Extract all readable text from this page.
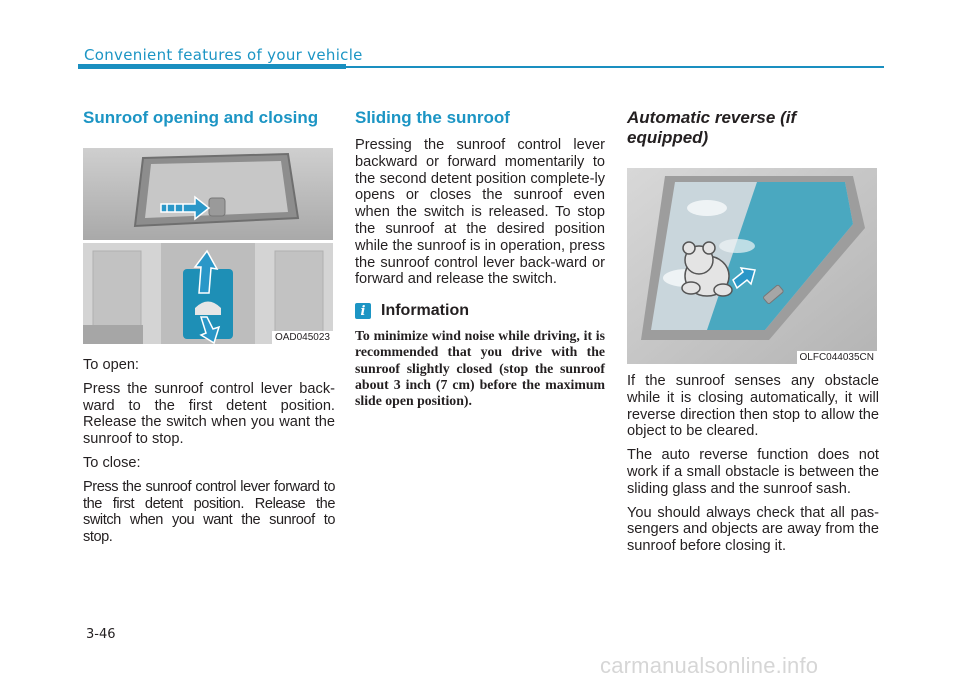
Convenient features of your vehicle
Sunroof opening and closing
OAD045023

To open:

Press the sunroof control lever back-ward to the first detent position. Release the switch when you want the sunroof to stop.

To close:

Press the sunroof control lever forward to the first detent position. Release the switch when you want the sunroof to stop.

Sliding the sunroof

Pressing the sunroof control lever backward or forward momentarily to the second detent position complete-ly opens or closes the sunroof even when the switch is released. To stop the sunroof at the desired position while the sunroof is in operation, press the sunroof control lever back-ward or forward and release the switch.

i Information

To minimize wind noise while driving, it is recommended that you drive with the sunroof slightly closed (stop the sunroof about 3 inch (7 cm) before the maximum slide open position).

Automatic reverse (if equipped)
OLFC044035CN

If the sunroof senses any obstacle while it is closing automatically, it will reverse direction then stop to allow the object to be cleared.

The auto reverse function does not work if a small obstacle is between the sliding glass and the sunroof sash.

You should always check that all pas-sengers and objects are away from the sunroof before closing it.

3-46
carmanualsonline.info
